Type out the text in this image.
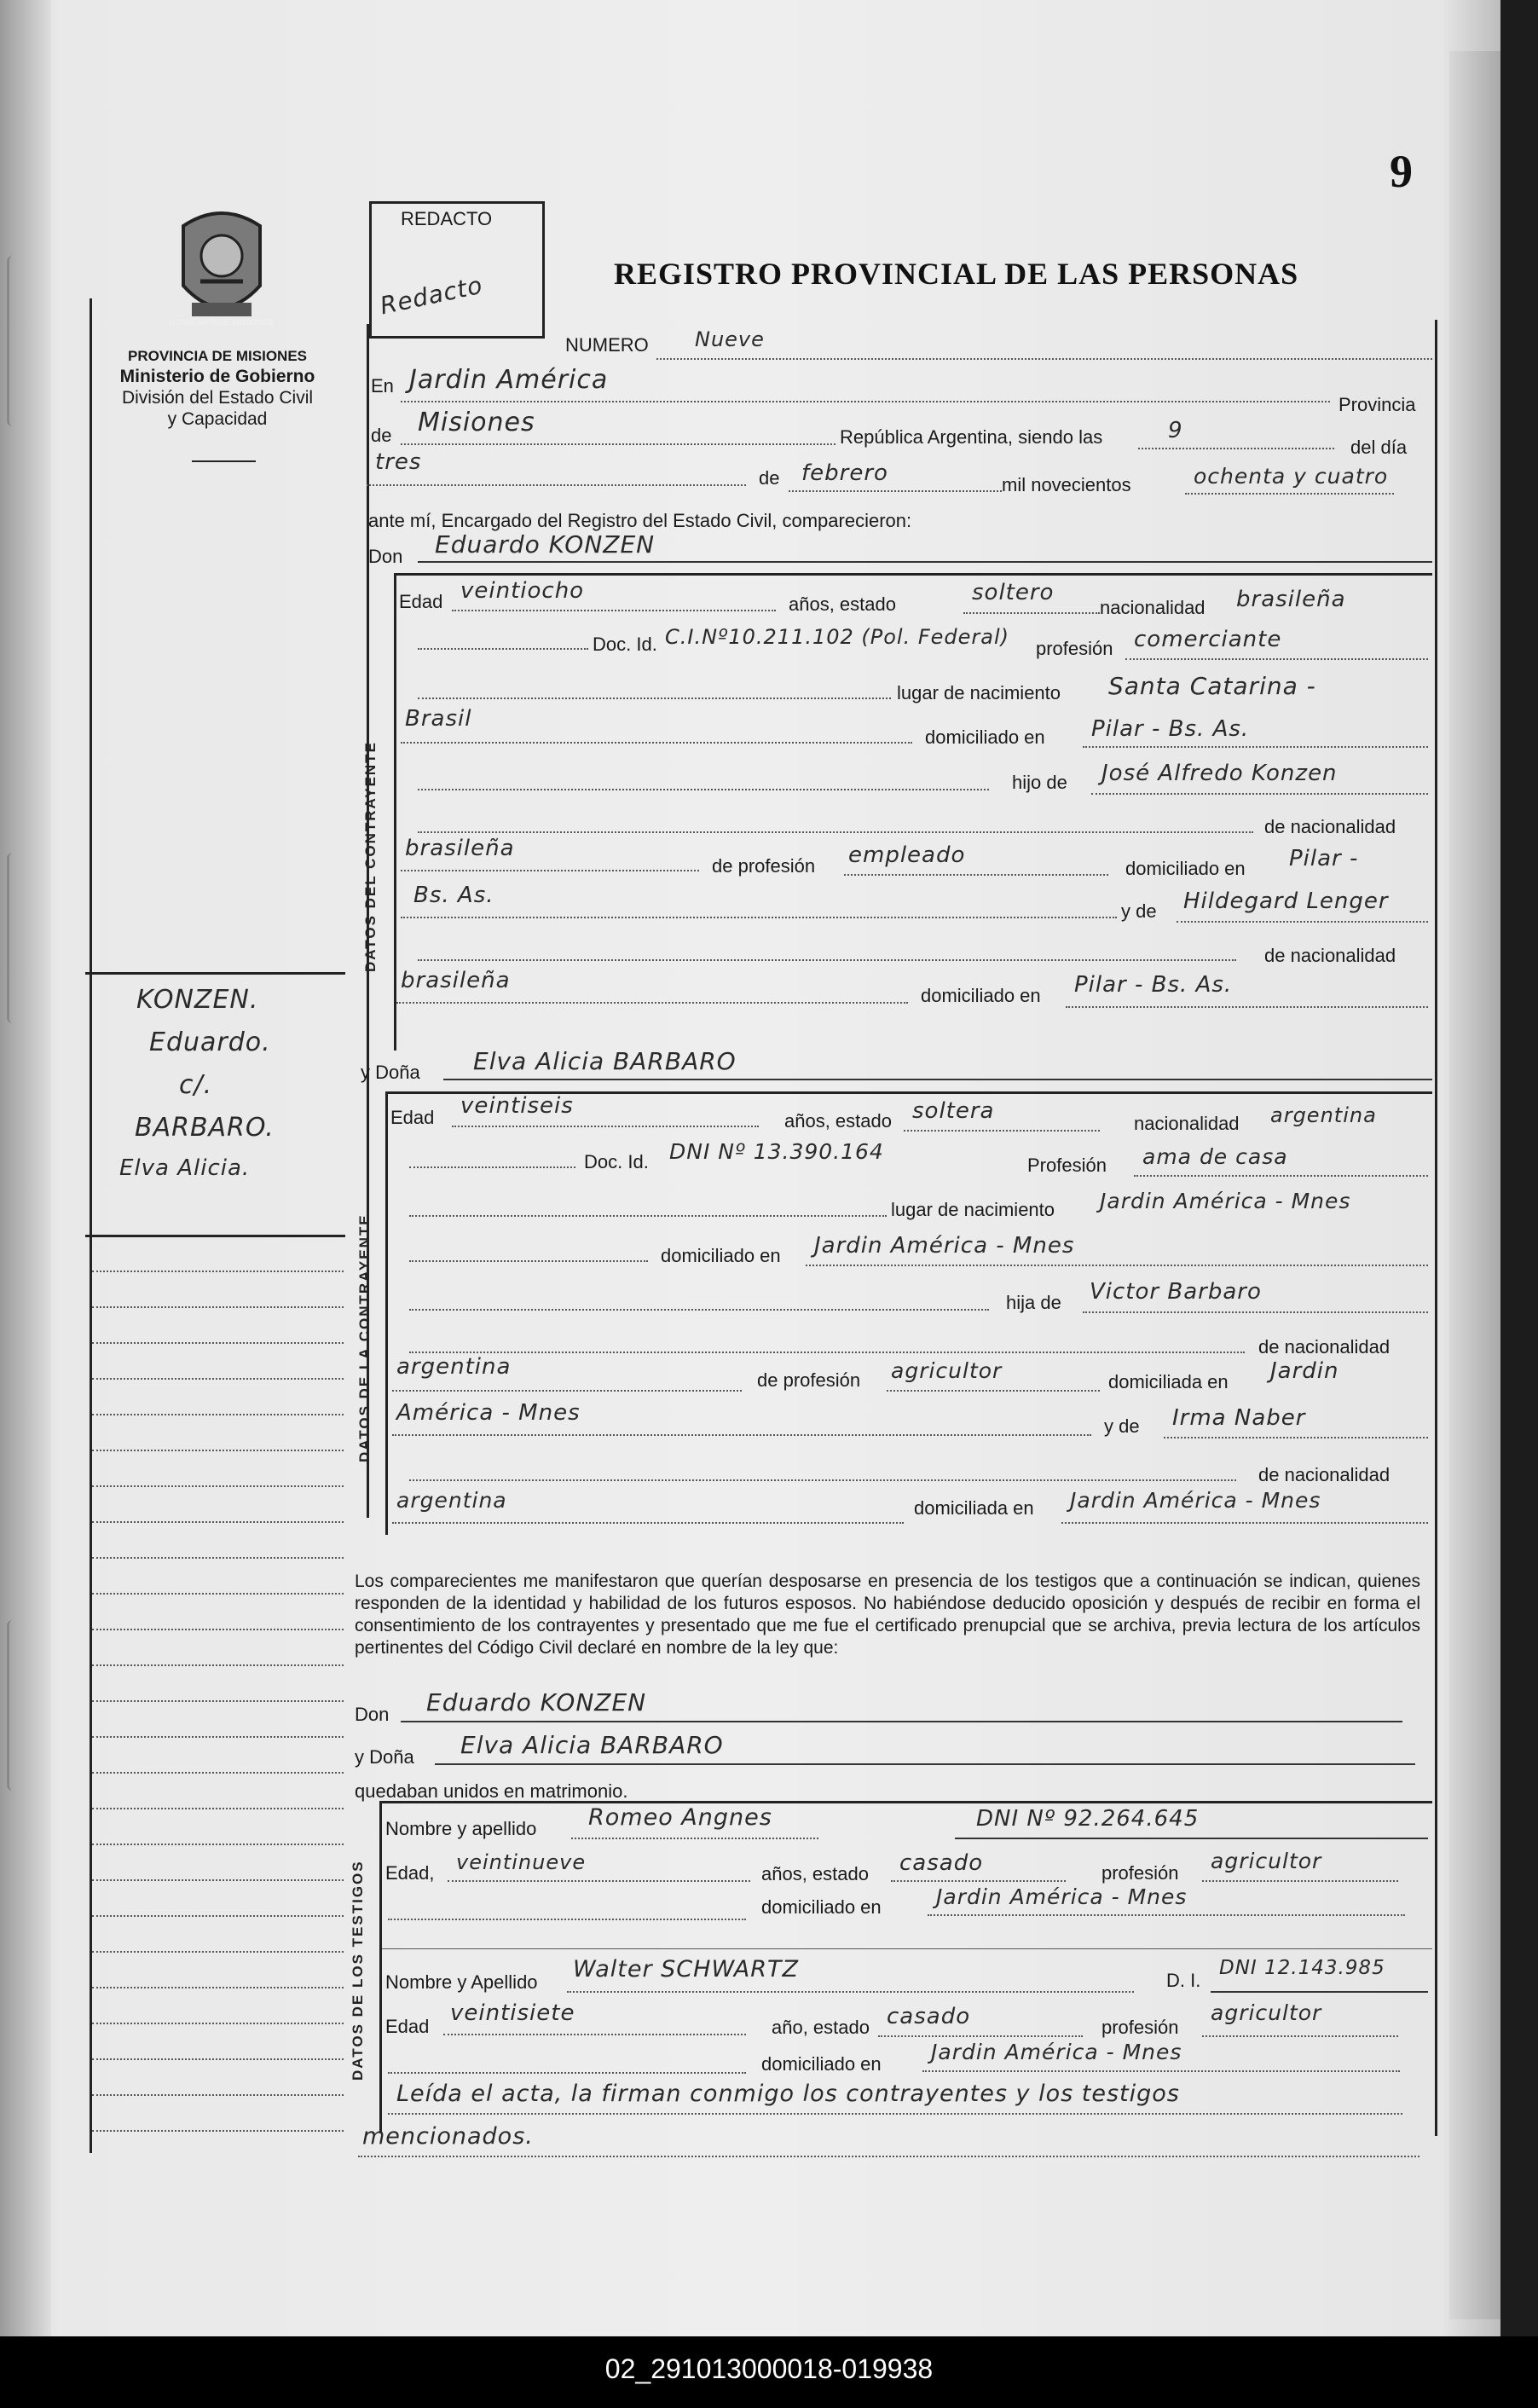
9
GOBIERNO DE MISIONES
PROVINCIA DE MISIONES
Ministerio de Gobierno
División del Estado Civil
y Capacidad
KONZEN.
Eduardo.
c/.
BARBARO.
Elva Alicia.
REDACTO
Redacto	REGISTRO PROVINCIAL DE LAS PERSONAS
NUMERO Nueve
En Jardin América
Provincia
de Misiones	República Argentina, siendo las	9
del día
tres
de febrero	mil novecientos	ochenta y cuatro
ante mí, Encargado del Registro del Estado Civil, comparecieron:
Don Eduardo KONZEN
DATOS DEL CONTRAYENTE
Edad veintiocho
años, estado	soltero
nacionalidad brasileña
Doc. Id. C.I.Nº10.211.102 (Pol. Federal) profesión comerciante
lugar de nacimiento Santa Catarina -
Brasil
domiciliado en Pilar - Bs. As.
hijo de José Alfredo Konzen
de nacionalidad
brasileña
de profesión empleado
domiciliado en Pilar -
Bs. As.
y de Hildegard Lenger
de nacionalidad
brasileña
domiciliado en Pilar - Bs. As.
y Doña Elva Alicia BARBARO
DATOS DE LA CONTRAYENTE
Edad veintiseis
años, estado soltera	nacionalidad argentina
Doc. Id. DNI Nº 13.390.164
Profesión ama de casa
lugar de nacimiento Jardin América - Mnes
domiciliado en Jardin América - Mnes
hija de Victor Barbaro
de nacionalidad
argentina
de profesión agricultor	domiciliada en Jardin
América - Mnes
y de Irma Naber
de nacionalidad
argentina	domiciliada en Jardin América - Mnes
Los comparecientes me manifestaron que querían desposarse en presencia de los testigos que a continuación se indican, quienes responden de la identidad y habilidad de los futuros esposos. No habiéndose deducido oposición y después de recibir en forma el consentimiento de los contrayentes y presentado que me fue el certificado prenupcial que se archiva, previa lectura de los artículos pertinentes del Código Civil declaré en nombre de la ley que:
Don Eduardo KONZEN
y Doña Elva Alicia BARBARO
quedaban unidos en matrimonio.
DATOS DE LOS TESTIGOS
Nombre y apellido Romeo Angnes	DNI Nº 92.264.645
Edad, veintinueve	años, estado casado	profesión agricultor
domiciliado en	Jardin América - Mnes
Nombre y Apellido Walter SCHWARTZ	D. I.
DNI 12.143.985
Edad
veintisiete
año, estado casado	profesión
agricultor
domiciliado en Jardin América - Mnes
Leída el acta, la firman conmigo los contrayentes y los testigos
mencionados.
02_291013000018-019938
